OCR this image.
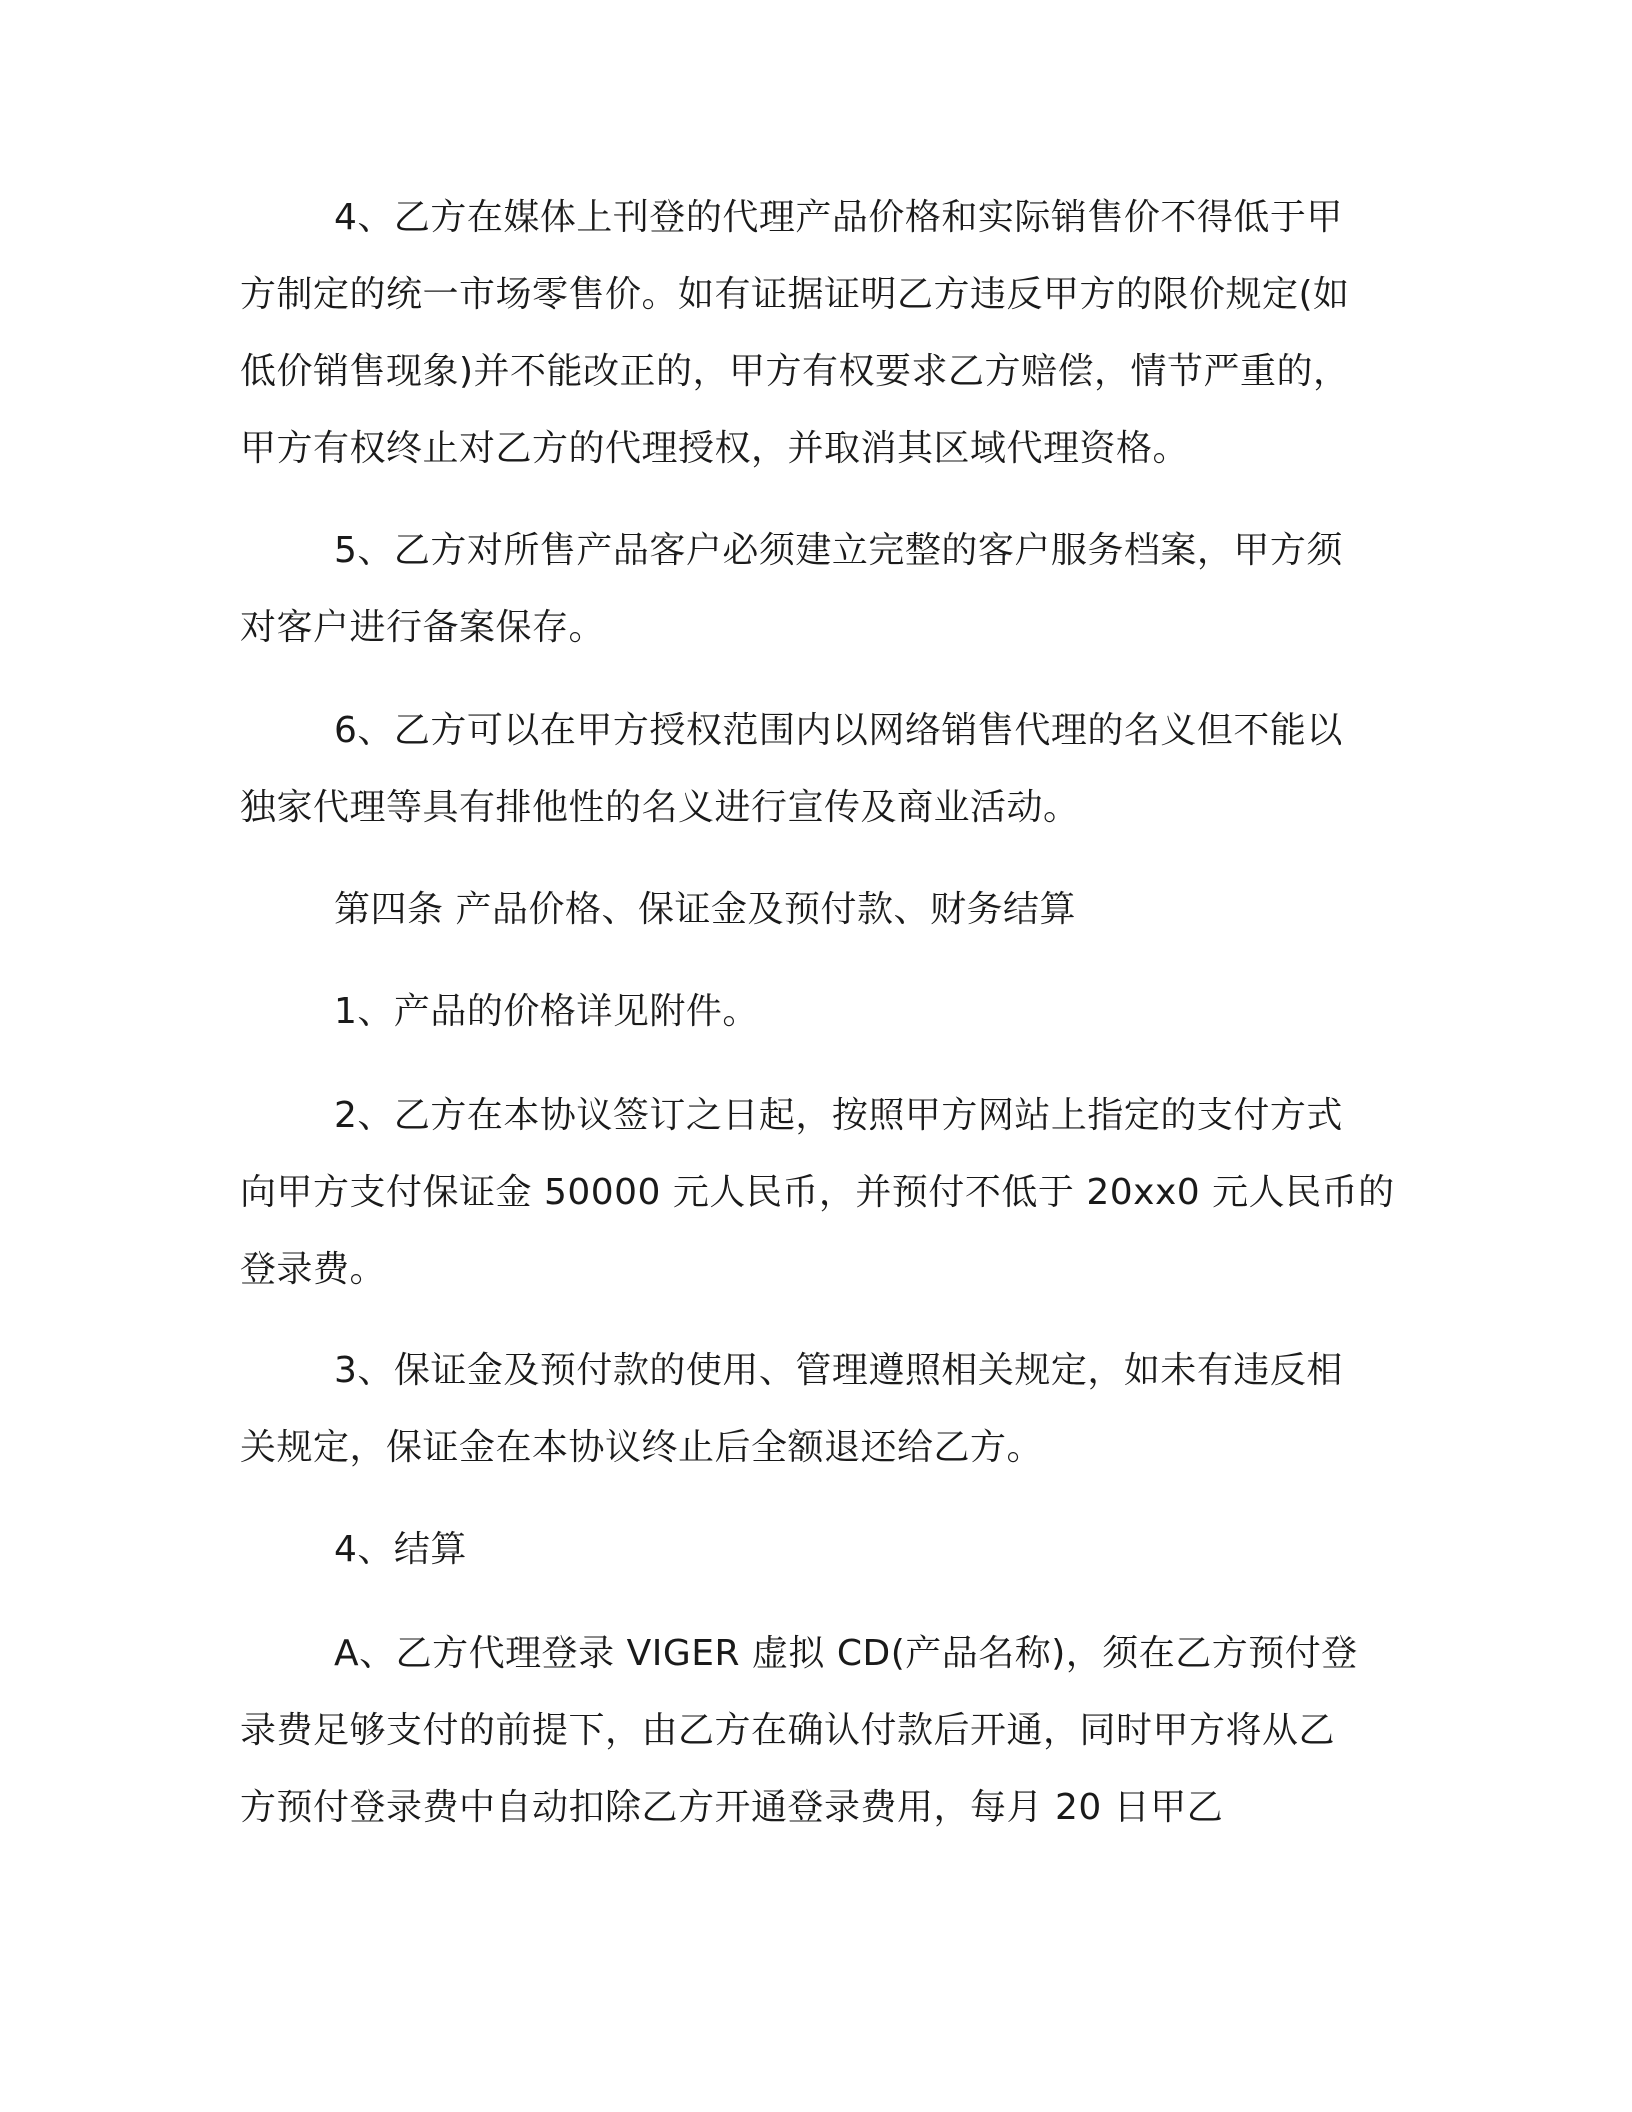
4、乙方在媒体上刊登的代理产品价格和实际销售价不得低于甲
方制定的统一市场零售价。如有证据证明乙方违反甲方的限价规定(如
低价销售现象)并不能改正的，甲方有权要求乙方赔偿，情节严重的，
甲方有权终止对乙方的代理授权，并取消其区域代理资格。
5、乙方对所售产品客户必须建立完整的客户服务档案，甲方须
对客户进行备案保存。
6、乙方可以在甲方授权范围内以网络销售代理的名义但不能以
独家代理等具有排他性的名义进行宣传及商业活动。
第四条 产品价格、保证金及预付款、财务结算
1、产品的价格详见附件。
2、乙方在本协议签订之日起，按照甲方网站上指定的支付方式
向甲方支付保证金 50000 元人民币，并预付不低于 20xx0 元人民币的
登录费。
3、保证金及预付款的使用、管理遵照相关规定，如未有违反相
关规定，保证金在本协议终止后全额退还给乙方。
4、结算
A、乙方代理登录 VIGER 虚拟 CD(产品名称)，须在乙方预付登
录费足够支付的前提下，由乙方在确认付款后开通，同时甲方将从乙
方预付登录费中自动扣除乙方开通登录费用，每月 20 日甲乙
